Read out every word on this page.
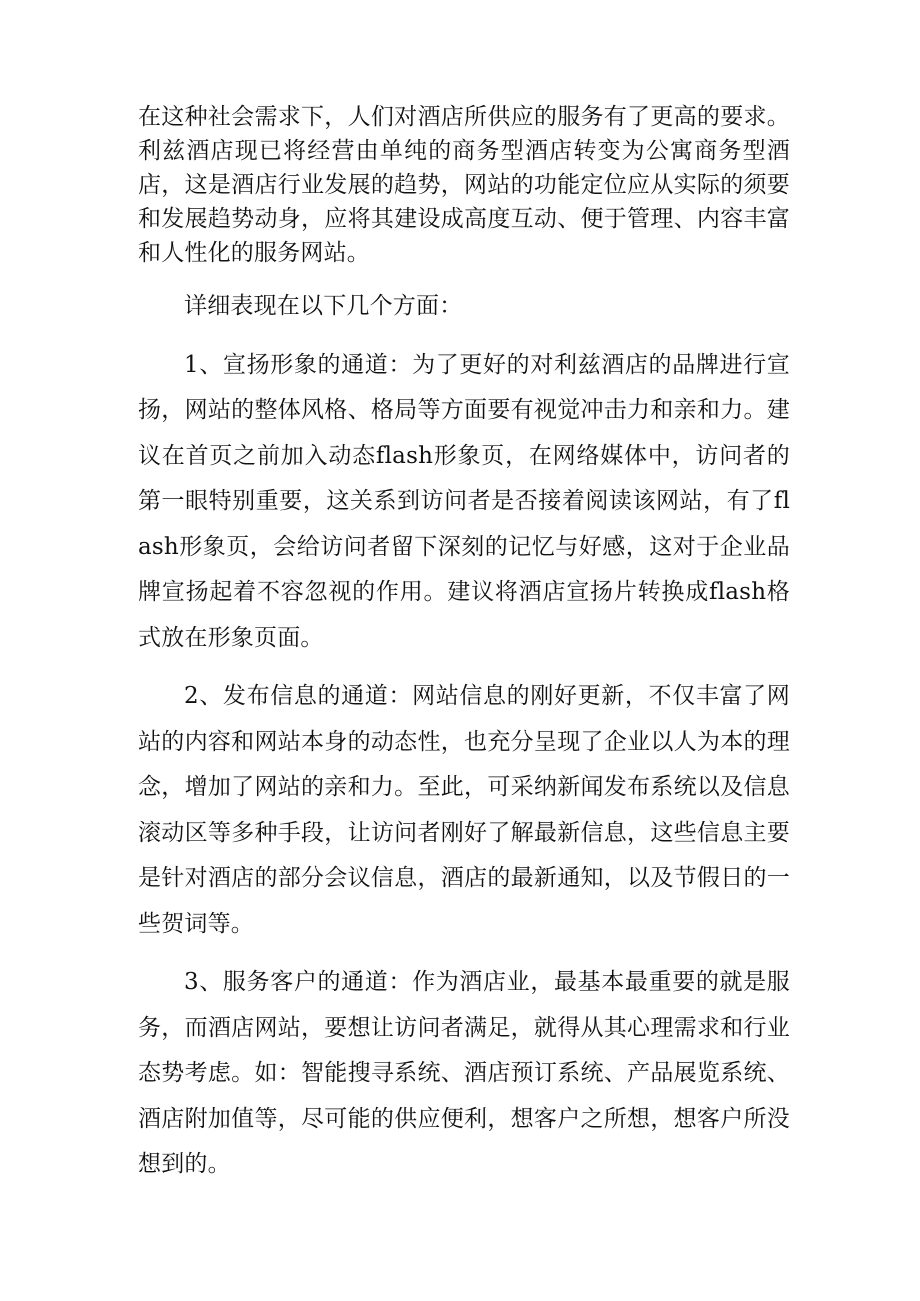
在这种社会需求下，人们对酒店所供应的服务有了更高的要求。利兹酒店现已将经营由单纯的商务型酒店转变为公寓商务型酒店，这是酒店行业发展的趋势，网站的功能定位应从实际的须要和发展趋势动身，应将其建设成高度互动、便于管理、内容丰富和人性化的服务网站。

详细表现在以下几个方面：

1、宣扬形象的通道：为了更好的对利兹酒店的品牌进行宣扬，网站的整体风格、格局等方面要有视觉冲击力和亲和力。建议在首页之前加入动态flash形象页，在网络媒体中，访问者的第一眼特别重要，这关系到访问者是否接着阅读该网站，有了flash形象页，会给访问者留下深刻的记忆与好感，这对于企业品牌宣扬起着不容忽视的作用。建议将酒店宣扬片转换成flash格式放在形象页面。

2、发布信息的通道：网站信息的刚好更新，不仅丰富了网站的内容和网站本身的动态性，也充分呈现了企业以人为本的理念，增加了网站的亲和力。至此，可采纳新闻发布系统以及信息滚动区等多种手段，让访问者刚好了解最新信息，这些信息主要是针对酒店的部分会议信息，酒店的最新通知，以及节假日的一些贺词等。

3、服务客户的通道：作为酒店业，最基本最重要的就是服务，而酒店网站，要想让访问者满足，就得从其心理需求和行业态势考虑。如：智能搜寻系统、酒店预订系统、产品展览系统、酒店附加值等，尽可能的供应便利，想客户之所想，想客户所没想到的。
